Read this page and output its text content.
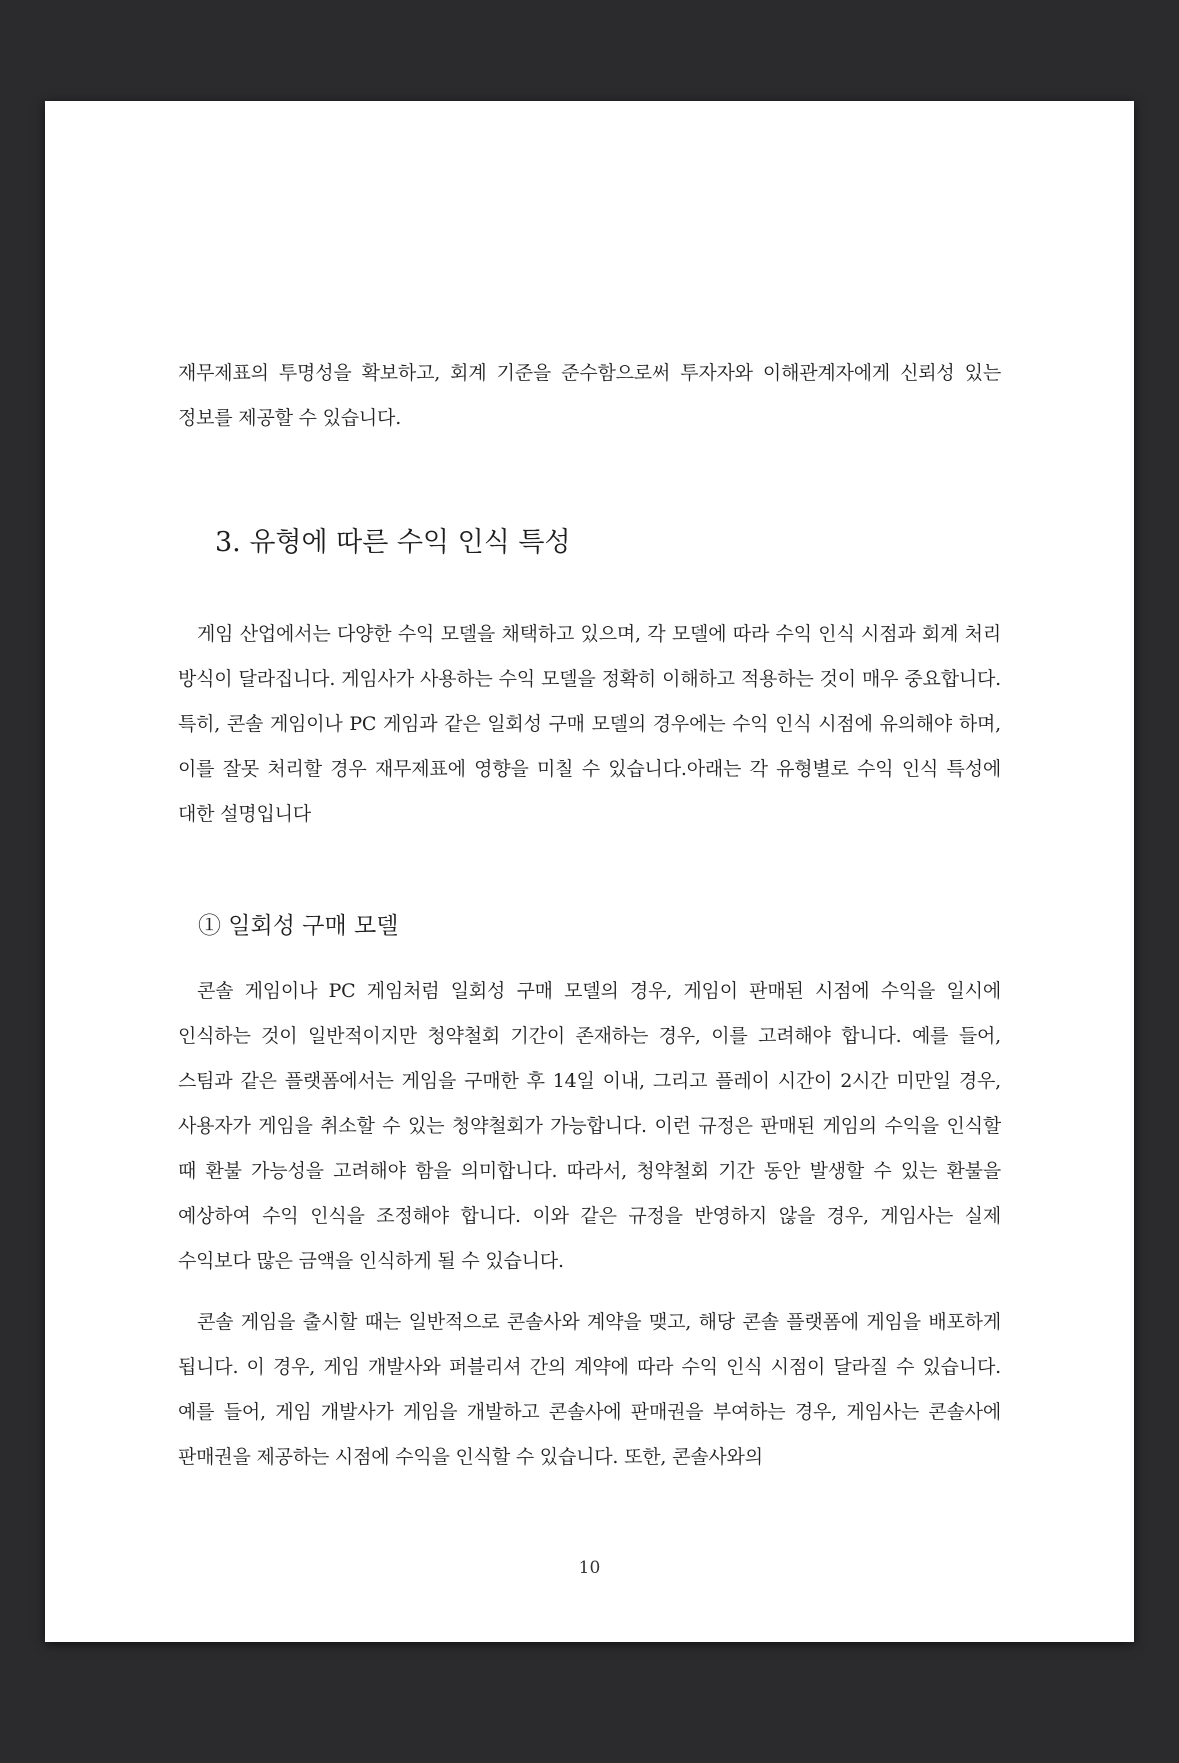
재무제표의 투명성을 확보하고, 회계 기준을 준수함으로써 투자자와 이해관계자에게 신뢰성 있는 정보를 제공할 수 있습니다.

3. 유형에 따른 수익 인식 특성

게임 산업에서는 다양한 수익 모델을 채택하고 있으며, 각 모델에 따라 수익 인식 시점과 회계 처리 방식이 달라집니다. 게임사가 사용하는 수익 모델을 정확히 이해하고 적용하는 것이 매우 중요합니다. 특히, 콘솔 게임이나 PC 게임과 같은 일회성 구매 모델의 경우에는 수익 인식 시점에 유의해야 하며, 이를 잘못 처리할 경우 재무제표에 영향을 미칠 수 있습니다.아래는 각 유형별로 수익 인식 특성에 대한 설명입니다

① 일회성 구매 모델

콘솔 게임이나 PC 게임처럼 일회성 구매 모델의 경우, 게임이 판매된 시점에 수익을 일시에 인식하는 것이 일반적이지만 청약철회 기간이 존재하는 경우, 이를 고려해야 합니다. 예를 들어, 스팀과 같은 플랫폼에서는 게임을 구매한 후 14일 이내, 그리고 플레이 시간이 2시간 미만일 경우, 사용자가 게임을 취소할 수 있는 청약철회가 가능합니다. 이런 규정은 판매된 게임의 수익을 인식할 때 환불 가능성을 고려해야 함을 의미합니다. 따라서, 청약철회 기간 동안 발생할 수 있는 환불을 예상하여 수익 인식을 조정해야 합니다. 이와 같은 규정을 반영하지 않을 경우, 게임사는 실제 수익보다 많은 금액을 인식하게 될 수 있습니다.

콘솔 게임을 출시할 때는 일반적으로 콘솔사와 계약을 맺고, 해당 콘솔 플랫폼에 게임을 배포하게 됩니다. 이 경우, 게임 개발사와 퍼블리셔 간의 계약에 따라 수익 인식 시점이 달라질 수 있습니다. 예를 들어, 게임 개발사가 게임을 개발하고 콘솔사에 판매권을 부여하는 경우, 게임사는 콘솔사에 판매권을 제공하는 시점에 수익을 인식할 수 있습니다. 또한, 콘솔사와의

10
